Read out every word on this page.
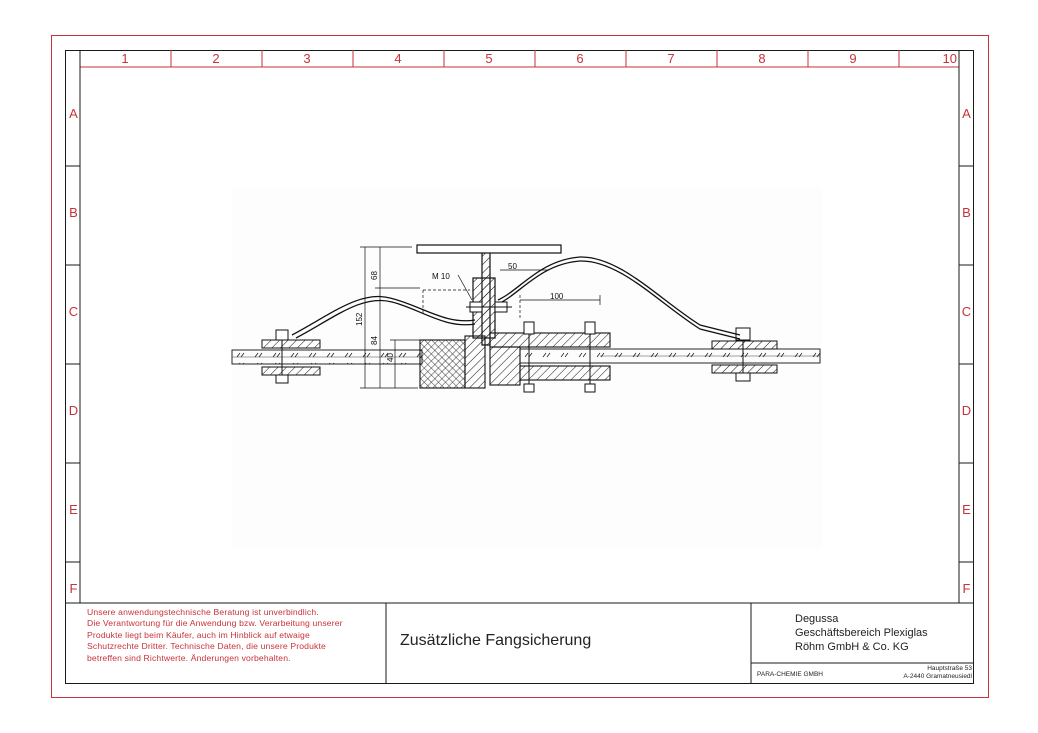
1	2	3	4	5	6	7	8	9	10
A
B
C
D
E
F
A
B
C
D
E
F
M 10
50
100
68
152
84
40
Unsere anwendungstechnische Beratung ist unverbindlich.
Die Verantwortung für die Anwendung bzw. Verarbeitung unserer
Produkte liegt beim Käufer, auch im Hinblick auf etwaige
Schutzrechte Dritter. Technische Daten, die unsere Produkte
betreffen sind Richtwerte. Änderungen vorbehalten.
Zusätzliche Fangsicherung
Degussa
Geschäftsbereich Plexiglas
Röhm GmbH & Co. KG
PARA-CHEMIE GMBH
Hauptstraße 53
A-2440 Gramatneusiedl
